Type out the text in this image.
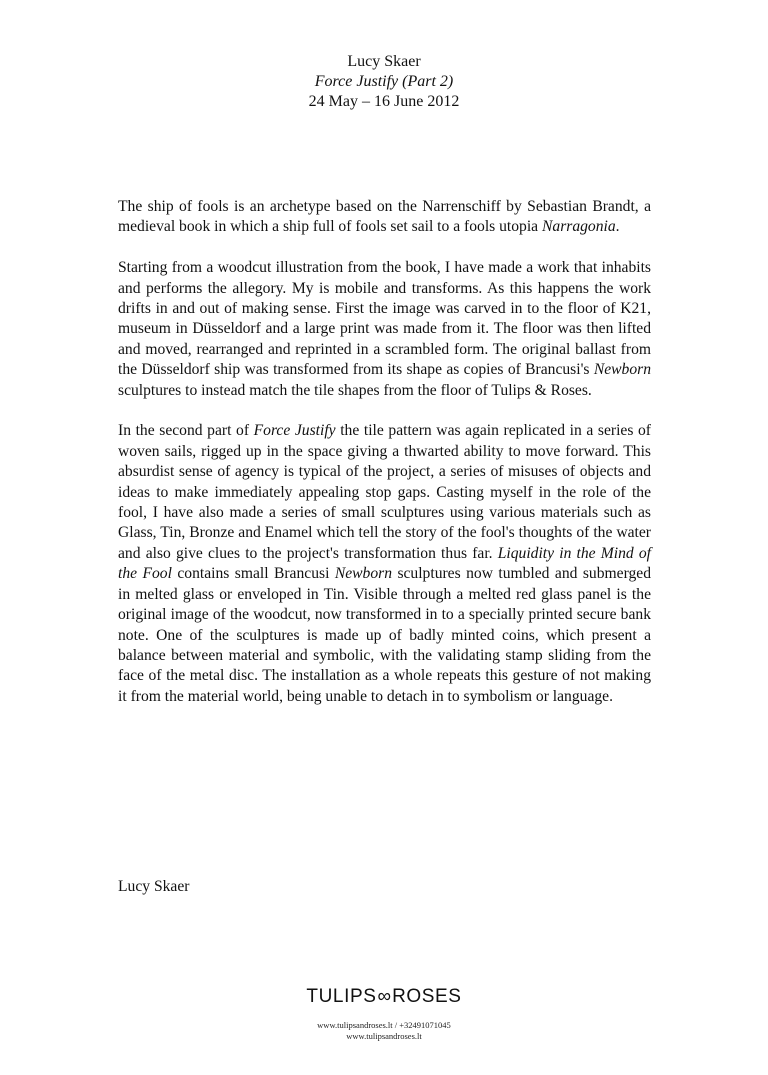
Lucy Skaer
Force Justify (Part 2)
24 May – 16 June 2012

The ship of fools is an archetype based on the Narrenschiff by Sebastian Brandt, a medieval book in which a ship full of fools set sail to a fools utopia Narragonia.

Starting from a woodcut illustration from the book, I have made a work that inhabits and performs the allegory. My is mobile and transforms. As this happens the work drifts in and out of making sense. First the image was carved in to the floor of K21, museum in Düsseldorf and a large print was made from it. The floor was then lifted and moved, rearranged and reprinted in a scrambled form. The original ballast from the Düsseldorf ship was transformed from its shape as copies of Brancusi's Newborn sculptures to instead match the tile shapes from the floor of Tulips & Roses.

In the second part of Force Justify the tile pattern was again replicated in a series of woven sails, rigged up in the space giving a thwarted ability to move forward. This absurdist sense of agency is typical of the project, a series of misuses of objects and ideas to make immediately appealing stop gaps. Casting myself in the role of the fool, I have also made a series of small sculptures using various materials such as Glass, Tin, Bronze and Enamel which tell the story of the fool's thoughts of the water and also give clues to the project's transformation thus far. Liquidity in the Mind of the Fool contains small Brancusi Newborn sculptures now tumbled and submerged in melted glass or enveloped in Tin. Visible through a melted red glass panel is the original image of the woodcut, now transformed in to a specially printed secure bank note. One of the sculptures is made up of badly minted coins, which present a balance between material and symbolic, with the validating stamp sliding from the face of the metal disc. The installation as a whole repeats this gesture of not making it from the material world, being unable to detach in to symbolism or language.

Lucy Skaer
TULIPS∞ROSES
www.tulipsandroses.lt / +32491071045
www.tulipsandroses.lt
